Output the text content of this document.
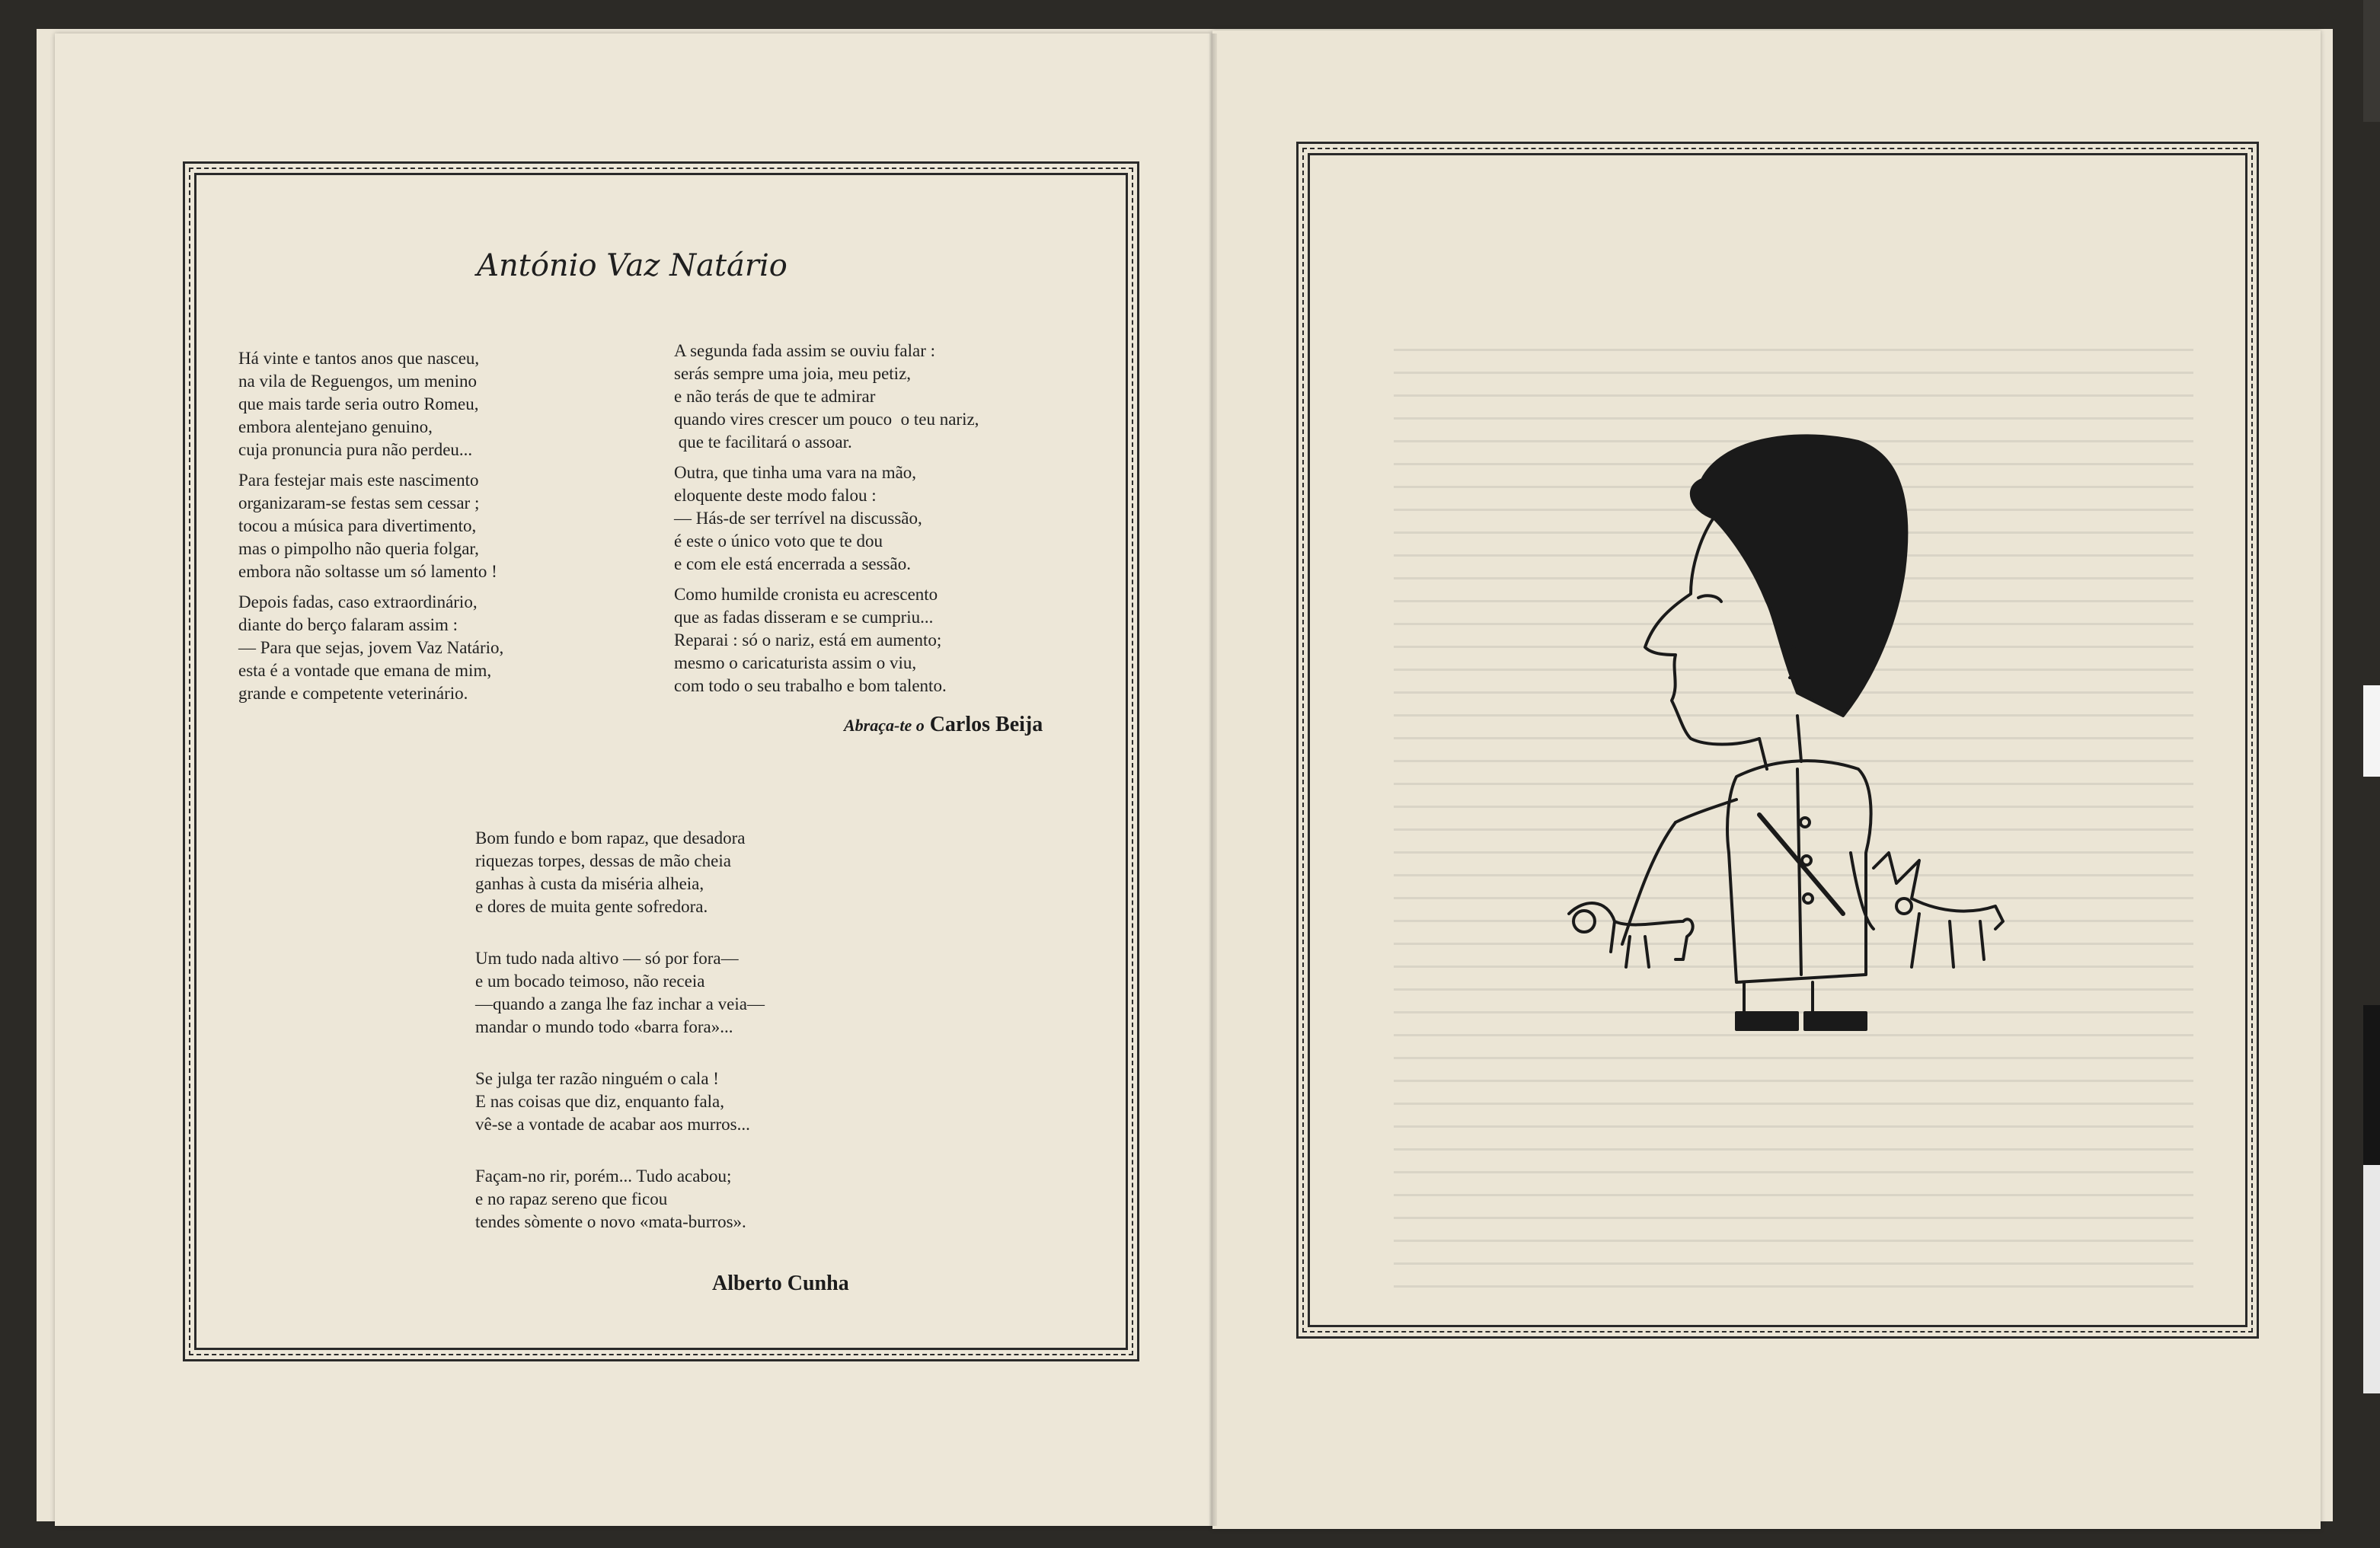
António Vaz Natário

Há vinte e tantos anos que nasceu,
na vila de Reguengos, um menino
que mais tarde seria outro Romeu,
embora alentejano genuino,
cuja pronuncia pura não perdeu...

Para festejar mais este nascimento
organizaram-se festas sem cessar ;
tocou a música para divertimento,
mas o pimpolho não queria folgar,
embora não soltasse um só lamento !

Depois fadas, caso extraordinário,
diante do berço falaram assim :
— Para que sejas, jovem Vaz Natário,
esta é a vontade que emana de mim,
grande e competente veterinário.

A segunda fada assim se ouviu falar :
serás sempre uma joia, meu petiz,
e não terás de que te admirar
quando vires crescer um pouco  o teu nariz,
que te facilitará o assoar.

Outra, que tinha uma vara na mão,
eloquente deste modo falou :
— Hás-de ser terrível na discussão,
é este o único voto que te dou
e com ele está encerrada a sessão.

Como humilde cronista eu acrescento
que as fadas disseram e se cumpriu...
Reparai : só o nariz, está em aumento;
mesmo o caricaturista assim o viu,
com todo o seu trabalho e bom talento.

Abraça-te o Carlos Beija

Bom fundo e bom rapaz, que desadora
riquezas torpes, dessas de mão cheia
ganhas à custa da miséria alheia,
e dores de muita gente sofredora.

Um tudo nada altivo — só por fora—
e um bocado teimoso, não receia
—quando a zanga lhe faz inchar a veia—
mandar o mundo todo «barra fora»...

Se julga ter razão ninguém o cala !
E nas coisas que diz, enquanto fala,
vê-se a vontade de acabar aos murros...

Façam-no rir, porém... Tudo acabou;
e no rapaz sereno que ficou
tendes sòmente o novo «mata-burros».

Alberto Cunha
